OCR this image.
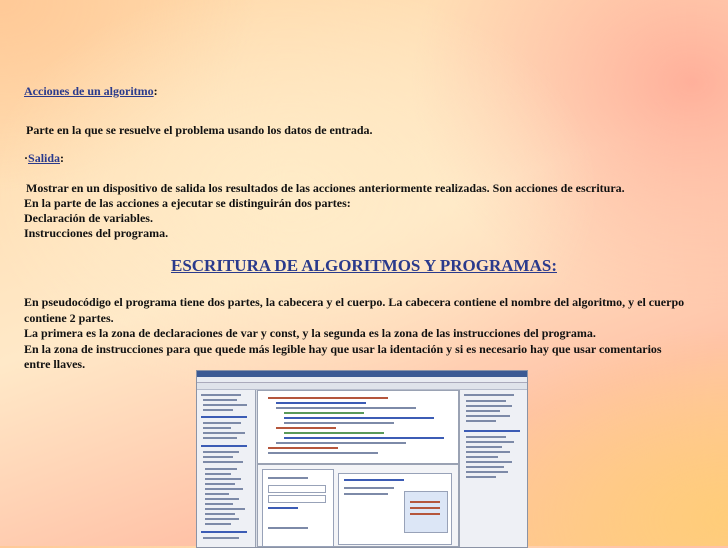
Acciones de un algoritmo:
Parte en la que se resuelve el problema usando los datos de entrada.
·Salida:
Mostrar en un dispositivo de salida los resultados de las acciones anteriormente realizadas. Son acciones de escritura.
En la parte de las acciones a ejecutar se distinguirán dos partes:
Declaración de variables.
Instrucciones del programa.
ESCRITURA DE ALGORITMOS Y PROGRAMAS:
En pseudocódigo el programa tiene dos partes, la cabecera y el cuerpo. La cabecera contiene el nombre del algoritmo, y el cuerpo
contiene 2 partes.
La primera es la zona de declaraciones de var y const, y la segunda es la zona de las instrucciones del programa.
En la zona de instrucciones para que quede más legible hay que usar la identación y si es necesario hay que usar comentarios
entre llaves.
